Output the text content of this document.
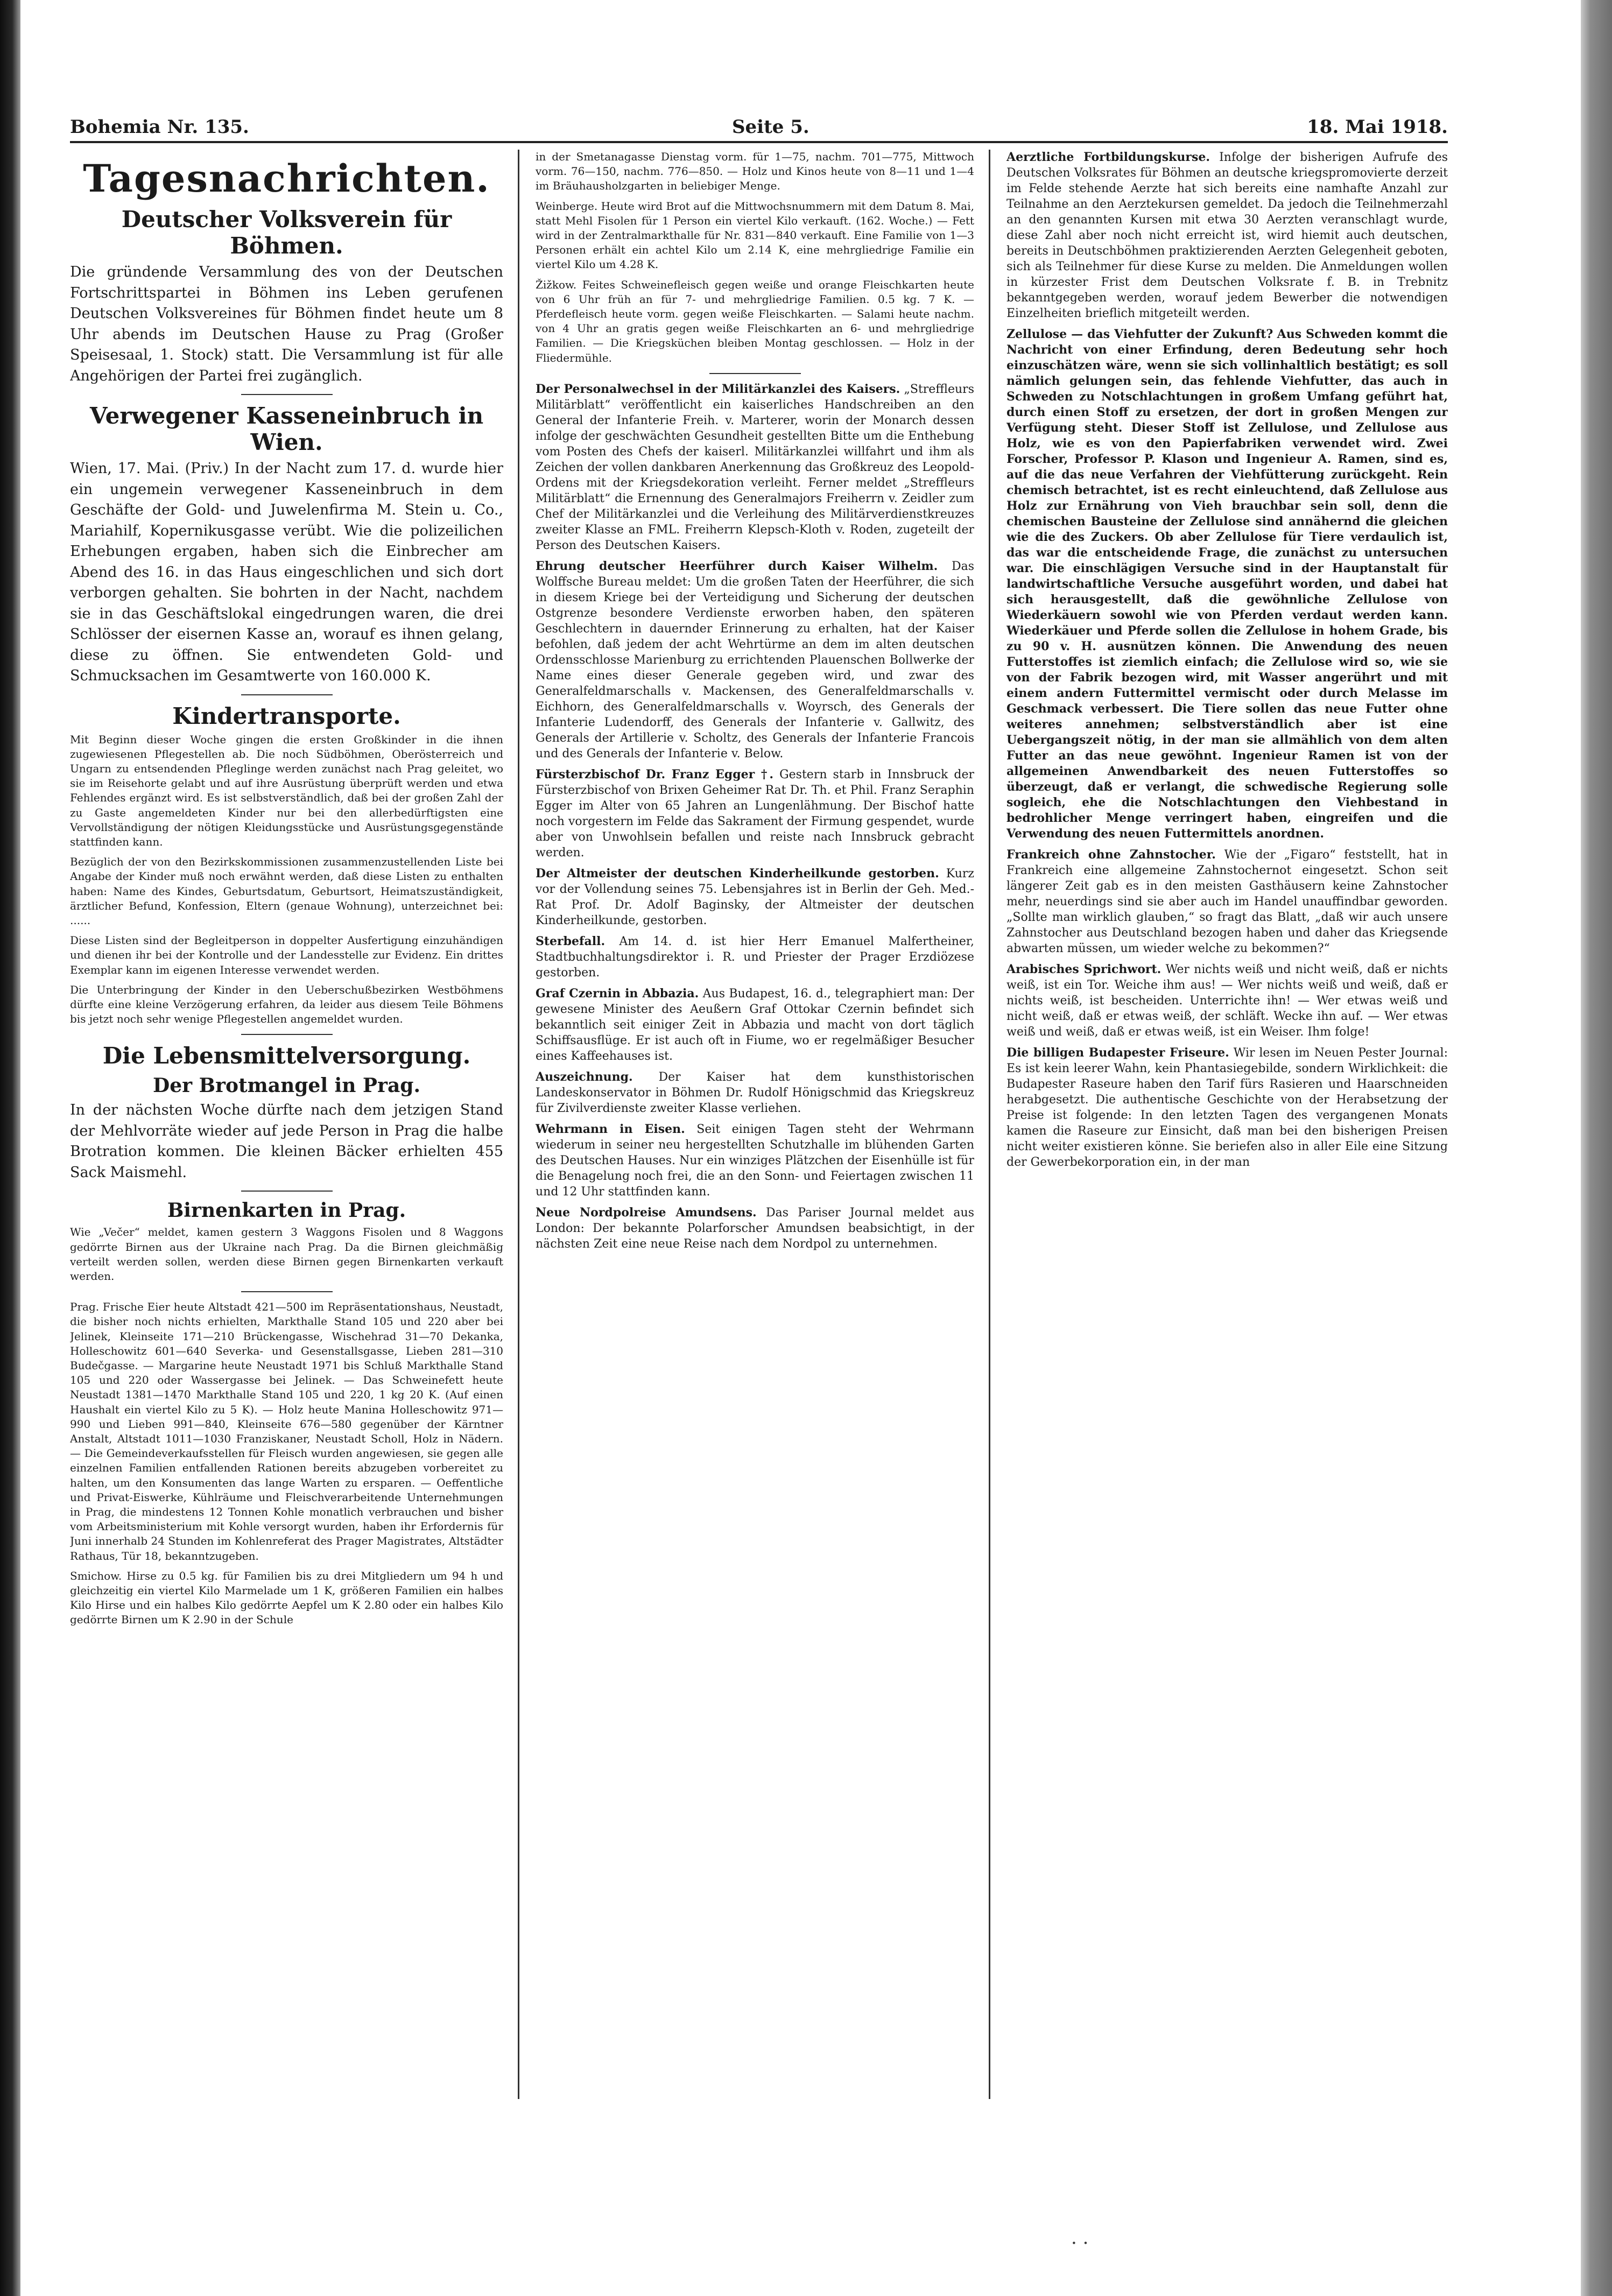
Bohemia Nr. 135.	Seite 5.	18. Mai 1918.
Tagesnachrichten.
Deutscher Volksverein für Böhmen.

Die gründende Versammlung des von der Deutschen Fortschrittspartei in Böhmen ins Leben gerufenen Deutschen Volksvereines für Böhmen findet heute um 8 Uhr abends im Deutschen Hause zu Prag (Großer Speisesaal, 1. Stock) statt. Die Versammlung ist für alle Angehörigen der Partei frei zugänglich.

Verwegener Kasseneinbruch in Wien.

Wien, 17. Mai. (Priv.) In der Nacht zum 17. d. wurde hier ein ungemein verwegener Kasseneinbruch in dem Geschäfte der Gold- und Juwelenfirma M. Stein u. Co., Mariahilf, Kopernikusgasse verübt. Wie die polizeilichen Erhebungen ergaben, haben sich die Einbrecher am Abend des 16. in das Haus eingeschlichen und sich dort verborgen gehalten. Sie bohrten in der Nacht, nachdem sie in das Geschäftslokal eingedrungen waren, die drei Schlösser der eisernen Kasse an, worauf es ihnen gelang, diese zu öffnen. Sie entwendeten Gold- und Schmucksachen im Gesamtwerte von 160.000 K.

Kindertransporte.

Mit Beginn dieser Woche gingen die ersten Großkinder in die ihnen zugewiesenen Pflegestellen ab. Die noch Südböhmen, Oberösterreich und Ungarn zu entsendenden Pfleglinge werden zunächst nach Prag geleitet, wo sie im Reisehorte gelabt und auf ihre Ausrüstung überprüft werden und etwa Fehlendes ergänzt wird. Es ist selbstverständlich, daß bei der großen Zahl der zu Gaste angemeldeten Kinder nur bei den allerbedürftigsten eine Vervollständigung der nötigen Kleidungsstücke und Ausrüstungsgegenstände stattfinden kann.

Bezüglich der von den Bezirkskommissionen zusammenzustellenden Liste bei Angabe der Kinder muß noch erwähnt werden, daß diese Listen zu enthalten haben: Name des Kindes, Geburtsdatum, Geburtsort, Heimatszuständigkeit, ärztlicher Befund, Konfession, Eltern (genaue Wohnung), unterzeichnet bei: ......

Diese Listen sind der Begleitperson in doppelter Ausfertigung einzuhändigen und dienen ihr bei der Kontrolle und der Landesstelle zur Evidenz. Ein drittes Exemplar kann im eigenen Interesse verwendet werden.

Die Unterbringung der Kinder in den Ueberschußbezirken Westböhmens dürfte eine kleine Verzögerung erfahren, da leider aus diesem Teile Böhmens bis jetzt noch sehr wenige Pflegestellen angemeldet wurden.

Die Lebensmittelversorgung.
Der Brotmangel in Prag.

In der nächsten Woche dürfte nach dem jetzigen Stand der Mehlvorräte wieder auf jede Person in Prag die halbe Brotration kommen. Die kleinen Bäcker erhielten 455 Sack Maismehl.

Birnenkarten in Prag.

Wie „Večer“ meldet, kamen gestern 3 Waggons Fisolen und 8 Waggons gedörrte Birnen aus der Ukraine nach Prag. Da die Birnen gleichmäßig verteilt werden sollen, werden diese Birnen gegen Birnenkarten verkauft werden.

Prag. Frische Eier heute Altstadt 421—500 im Repräsentationshaus, Neustadt, die bisher noch nichts erhielten, Markthalle Stand 105 und 220 aber bei Jelinek, Kleinseite 171—210 Brückengasse, Wischehrad 31—70 Dekanka, Holleschowitz 601—640 Severka- und Gesenstallsgasse, Lieben 281—310 Budečgasse. — Margarine heute Neustadt 1971 bis Schluß Markthalle Stand 105 und 220 oder Wassergasse bei Jelinek. — Das Schweinefett heute Neustadt 1381—1470 Markthalle Stand 105 und 220, 1 kg 20 K. (Auf einen Haushalt ein viertel Kilo zu 5 K). — Holz heute Manina Holleschowitz 971—990 und Lieben 991—840, Kleinseite 676—580 gegenüber der Kärntner Anstalt, Altstadt 1011—1030 Franziskaner, Neustadt Scholl, Holz in Nädern. — Die Gemeindeverkaufsstellen für Fleisch wurden angewiesen, sie gegen alle einzelnen Familien entfallenden Rationen bereits abzugeben vorbereitet zu halten, um den Konsumenten das lange Warten zu ersparen. — Oeffentliche und Privat-Eiswerke, Kühlräume und Fleischverarbeitende Unternehmungen in Prag, die mindestens 12 Tonnen Kohle monatlich verbrauchen und bisher vom Arbeitsministerium mit Kohle versorgt wurden, haben ihr Erfordernis für Juni innerhalb 24 Stunden im Kohlenreferat des Prager Magistrates, Altstädter Rathaus, Tür 18, bekanntzugeben.

Smichow. Hirse zu 0.5 kg. für Familien bis zu drei Mitgliedern um 94 h und gleichzeitig ein viertel Kilo Marmelade um 1 K, größeren Familien ein halbes Kilo Hirse und ein halbes Kilo gedörrte Aepfel um K 2.80 oder ein halbes Kilo gedörrte Birnen um K 2.90 in der Schule

in der Smetanagasse Dienstag vorm. für 1—75, nachm. 701—775, Mittwoch vorm. 76—150, nachm. 776—850. — Holz und Kinos heute von 8—11 und 1—4 im Bräuhausholzgarten in beliebiger Menge.

Weinberge. Heute wird Brot auf die Mittwochsnummern mit dem Datum 8. Mai, statt Mehl Fisolen für 1 Person ein viertel Kilo verkauft. (162. Woche.) — Fett wird in der Zentralmarkthalle für Nr. 831—840 verkauft. Eine Familie von 1—3 Personen erhält ein achtel Kilo um 2.14 K, eine mehrgliedrige Familie ein viertel Kilo um 4.28 K.

Žižkow. Feites Schweinefleisch gegen weiße und orange Fleischkarten heute von 6 Uhr früh an für 7- und mehrgliedrige Familien. 0.5 kg. 7 K. — Pferdefleisch heute vorm. gegen weiße Fleischkarten. — Salami heute nachm. von 4 Uhr an gratis gegen weiße Fleischkarten an 6- und mehrgliedrige Familien. — Die Kriegsküchen bleiben Montag geschlossen. — Holz in der Fliedermühle.

Der Personalwechsel in der Militärkanzlei des Kaisers. „Streffleurs Militärblatt“ veröffentlicht ein kaiserliches Handschreiben an den General der Infanterie Freih. v. Marterer, worin der Monarch dessen infolge der geschwächten Gesundheit gestellten Bitte um die Enthebung vom Posten des Chefs der kaiserl. Militärkanzlei willfahrt und ihm als Zeichen der vollen dankbaren Anerkennung das Großkreuz des Leopold-Ordens mit der Kriegsdekoration verleiht. Ferner meldet „Streffleurs Militärblatt“ die Ernennung des Generalmajors Freiherrn v. Zeidler zum Chef der Militärkanzlei und die Verleihung des Militärverdienstkreuzes zweiter Klasse an FML. Freiherrn Klepsch-Kloth v. Roden, zugeteilt der Person des Deutschen Kaisers.

Ehrung deutscher Heerführer durch Kaiser Wilhelm. Das Wolffsche Bureau meldet: Um die großen Taten der Heerführer, die sich in diesem Kriege bei der Verteidigung und Sicherung der deutschen Ostgrenze besondere Verdienste erworben haben, den späteren Geschlechtern in dauernder Erinnerung zu erhalten, hat der Kaiser befohlen, daß jedem der acht Wehrtürme an dem im alten deutschen Ordensschlosse Marienburg zu errichtenden Plauenschen Bollwerke der Name eines dieser Generale gegeben wird, und zwar des Generalfeldmarschalls v. Mackensen, des Generalfeldmarschalls v. Eichhorn, des Generalfeldmarschalls v. Woyrsch, des Generals der Infanterie Ludendorff, des Generals der Infanterie v. Gallwitz, des Generals der Artillerie v. Scholtz, des Generals der Infanterie Francois und des Generals der Infanterie v. Below.

Fürsterzbischof Dr. Franz Egger †. Gestern starb in Innsbruck der Fürsterzbischof von Brixen Geheimer Rat Dr. Th. et Phil. Franz Seraphin Egger im Alter von 65 Jahren an Lungenlähmung. Der Bischof hatte noch vorgestern im Felde das Sakrament der Firmung gespendet, wurde aber von Unwohlsein befallen und reiste nach Innsbruck gebracht werden.

Der Altmeister der deutschen Kinderheilkunde gestorben. Kurz vor der Vollendung seines 75. Lebensjahres ist in Berlin der Geh. Med.-Rat Prof. Dr. Adolf Baginsky, der Altmeister der deutschen Kinderheilkunde, gestorben.

Sterbefall. Am 14. d. ist hier Herr Emanuel Malfertheiner, Stadtbuchhaltungsdirektor i. R. und Priester der Prager Erzdiözese gestorben.

Graf Czernin in Abbazia. Aus Budapest, 16. d., telegraphiert man: Der gewesene Minister des Aeußern Graf Ottokar Czernin befindet sich bekanntlich seit einiger Zeit in Abbazia und macht von dort täglich Schiffsausflüge. Er ist auch oft in Fiume, wo er regelmäßiger Besucher eines Kaffeehauses ist.

Auszeichnung. Der Kaiser hat dem kunsthistorischen Landeskonservator in Böhmen Dr. Rudolf Hönigschmid das Kriegskreuz für Zivilverdienste zweiter Klasse verliehen.

Wehrmann in Eisen. Seit einigen Tagen steht der Wehrmann wiederum in seiner neu hergestellten Schutzhalle im blühenden Garten des Deutschen Hauses. Nur ein winziges Plätzchen der Eisenhülle ist für die Benagelung noch frei, die an den Sonn- und Feiertagen zwischen 11 und 12 Uhr stattfinden kann.

Neue Nordpolreise Amundsens. Das Pariser Journal meldet aus London: Der bekannte Polarforscher Amundsen beabsichtigt, in der nächsten Zeit eine neue Reise nach dem Nordpol zu unternehmen.

Aerztliche Fortbildungskurse. Infolge der bisherigen Aufrufe des Deutschen Volksrates für Böhmen an deutsche kriegspromovierte derzeit im Felde stehende Aerzte hat sich bereits eine namhafte Anzahl zur Teilnahme an den Aerztekursen gemeldet. Da jedoch die Teilnehmerzahl an den genannten Kursen mit etwa 30 Aerzten veranschlagt wurde, diese Zahl aber noch nicht erreicht ist, wird hiemit auch deutschen, bereits in Deutschböhmen praktizierenden Aerzten Gelegenheit geboten, sich als Teilnehmer für diese Kurse zu melden. Die Anmeldungen wollen in kürzester Frist dem Deutschen Volksrate f. B. in Trebnitz bekanntgegeben werden, worauf jedem Bewerber die notwendigen Einzelheiten brieflich mitgeteilt werden.

Zellulose — das Viehfutter der Zukunft? Aus Schweden kommt die Nachricht von einer Erfindung, deren Bedeutung sehr hoch einzuschätzen wäre, wenn sie sich vollinhaltlich bestätigt; es soll nämlich gelungen sein, das fehlende Viehfutter, das auch in Schweden zu Notschlachtungen in großem Umfang geführt hat, durch einen Stoff zu ersetzen, der dort in großen Mengen zur Verfügung steht. Dieser Stoff ist Zellulose, und Zellulose aus Holz, wie es von den Papierfabriken verwendet wird. Zwei Forscher, Professor P. Klason und Ingenieur A. Ramen, sind es, auf die das neue Verfahren der Viehfütterung zurückgeht. Rein chemisch betrachtet, ist es recht einleuchtend, daß Zellulose aus Holz zur Ernährung von Vieh brauchbar sein soll, denn die chemischen Bausteine der Zellulose sind annähernd die gleichen wie die des Zuckers. Ob aber Zellulose für Tiere verdaulich ist, das war die entscheidende Frage, die zunächst zu untersuchen war. Die einschlägigen Versuche sind in der Hauptanstalt für landwirtschaftliche Versuche ausgeführt worden, und dabei hat sich herausgestellt, daß die gewöhnliche Zellulose von Wiederkäuern sowohl wie von Pferden verdaut werden kann. Wiederkäuer und Pferde sollen die Zellulose in hohem Grade, bis zu 90 v. H. ausnützen können. Die Anwendung des neuen Futterstoffes ist ziemlich einfach; die Zellulose wird so, wie sie von der Fabrik bezogen wird, mit Wasser angerührt und mit einem andern Futtermittel vermischt oder durch Melasse im Geschmack verbessert. Die Tiere sollen das neue Futter ohne weiteres annehmen; selbstverständlich aber ist eine Uebergangszeit nötig, in der man sie allmählich von dem alten Futter an das neue gewöhnt. Ingenieur Ramen ist von der allgemeinen Anwendbarkeit des neuen Futterstoffes so überzeugt, daß er verlangt, die schwedische Regierung solle sogleich, ehe die Notschlachtungen den Viehbestand in bedrohlicher Menge verringert haben, eingreifen und die Verwendung des neuen Futtermittels anordnen.

Frankreich ohne Zahnstocher. Wie der „Figaro“ feststellt, hat in Frankreich eine allgemeine Zahnstochernot eingesetzt. Schon seit längerer Zeit gab es in den meisten Gasthäusern keine Zahnstocher mehr, neuerdings sind sie aber auch im Handel unauffindbar geworden. „Sollte man wirklich glauben,“ so fragt das Blatt, „daß wir auch unsere Zahnstocher aus Deutschland bezogen haben und daher das Kriegsende abwarten müssen, um wieder welche zu bekommen?“

Arabisches Sprichwort. Wer nichts weiß und nicht weiß, daß er nichts weiß, ist ein Tor. Weiche ihm aus! — Wer nichts weiß und weiß, daß er nichts weiß, ist bescheiden. Unterrichte ihn! — Wer etwas weiß und nicht weiß, daß er etwas weiß, der schläft. Wecke ihn auf. — Wer etwas weiß und weiß, daß er etwas weiß, ist ein Weiser. Ihm folge!

Die billigen Budapester Friseure. Wir lesen im Neuen Pester Journal: Es ist kein leerer Wahn, kein Phantasiegebilde, sondern Wirklichkeit: die Budapester Raseure haben den Tarif fürs Rasieren und Haarschneiden herabgesetzt. Die authentische Geschichte von der Herabsetzung der Preise ist folgende: In den letzten Tagen des vergangenen Monats kamen die Raseure zur Einsicht, daß man bei den bisherigen Preisen nicht weiter existieren könne. Sie beriefen also in aller Eile eine Sitzung der Gewerbekorporation ein, in der man

· ·
